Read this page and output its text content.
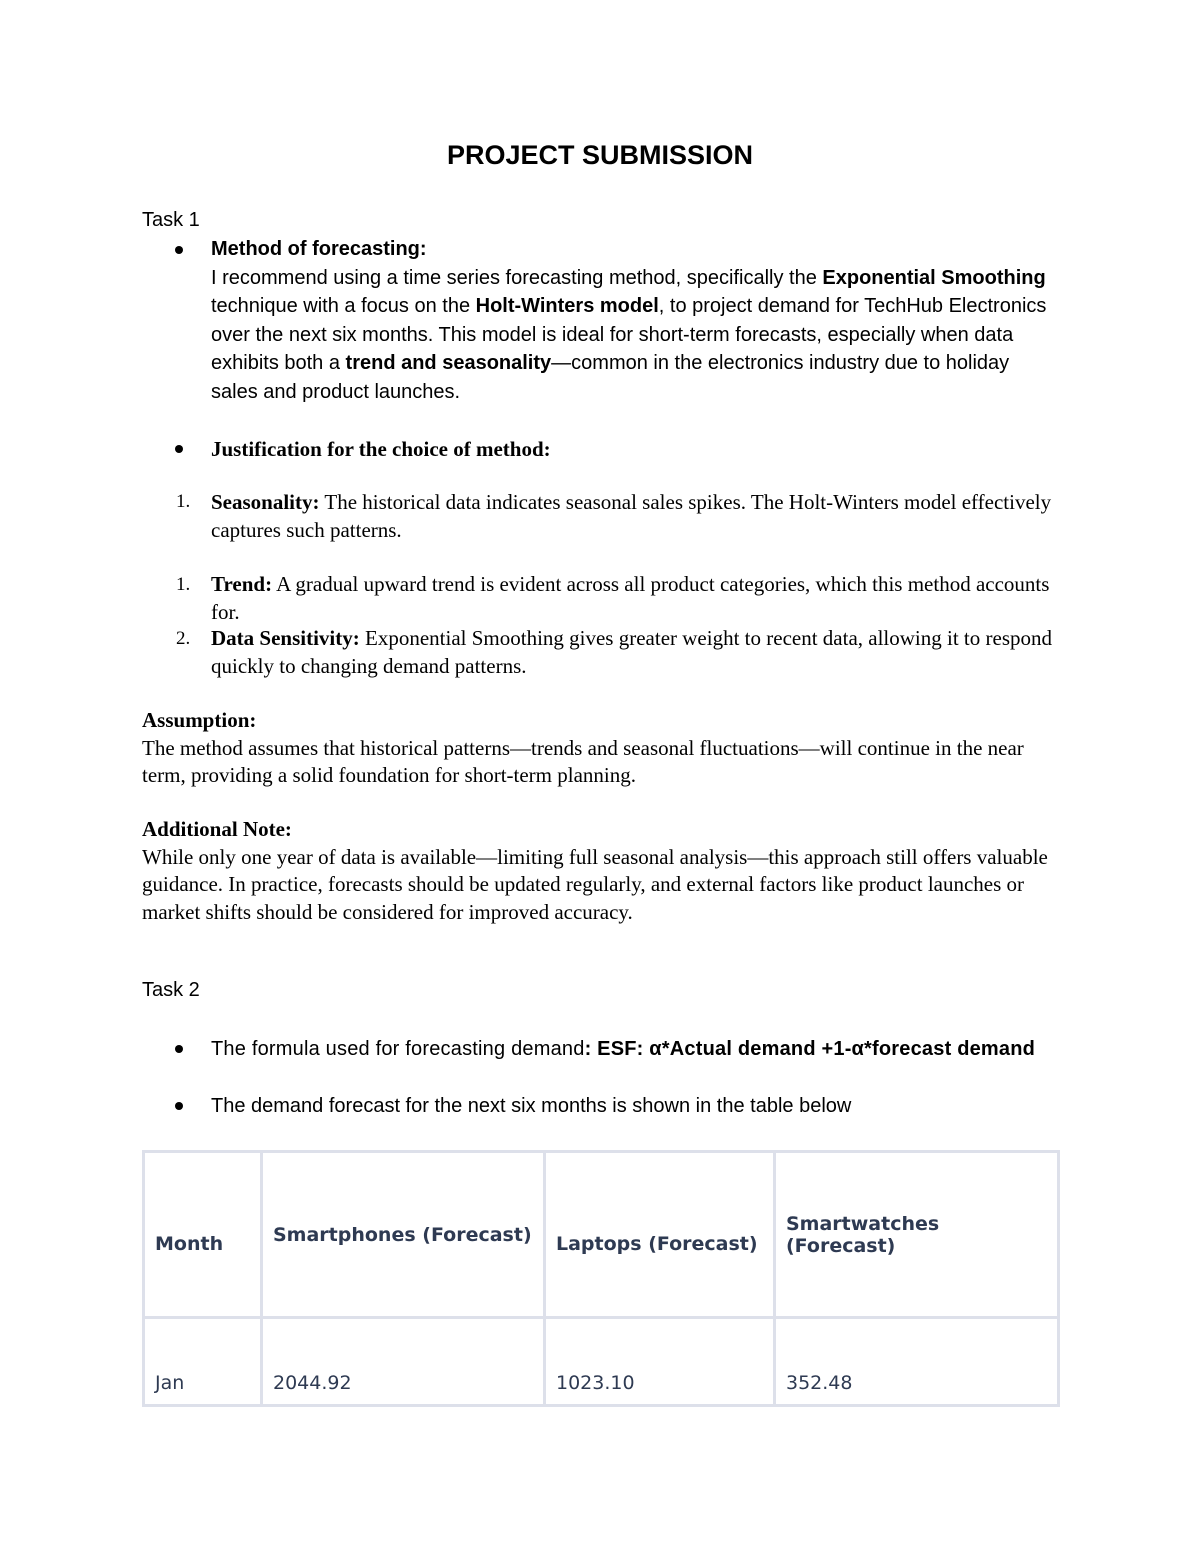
PROJECT SUBMISSION

Task 1

Method of forecasting:
I recommend using a time series forecasting method, specifically the Exponential Smoothing technique with a focus on the Holt-Winters model, to project demand for TechHub Electronics over the next six months. This model is ideal for short-term forecasts, especially when data exhibits both a trend and seasonality—common in the electronics industry due to holiday sales and product launches.

Justification for the choice of method:

1. Seasonality: The historical data indicates seasonal sales spikes. The Holt-Winters model effectively captures such patterns.

1. Trend: A gradual upward trend is evident across all product categories, which this method accounts for.

2. Data Sensitivity: Exponential Smoothing gives greater weight to recent data, allowing it to respond quickly to changing demand patterns.

Assumption:
The method assumes that historical patterns—trends and seasonal fluctuations—will continue in the near term, providing a solid foundation for short-term planning.

Additional Note:
While only one year of data is available—limiting full seasonal analysis—this approach still offers valuable guidance. In practice, forecasts should be updated regularly, and external factors like product launches or market shifts should be considered for improved accuracy.

Task 2

The formula used for forecasting demand: ESF: α*Actual demand +1-α*forecast demand

The demand forecast for the next six months is shown in the table below

Month	Smartphones (Forecast)	Laptops (Forecast)	Smartwatches (Forecast)
Jan	2044.92	1023.10	352.48
